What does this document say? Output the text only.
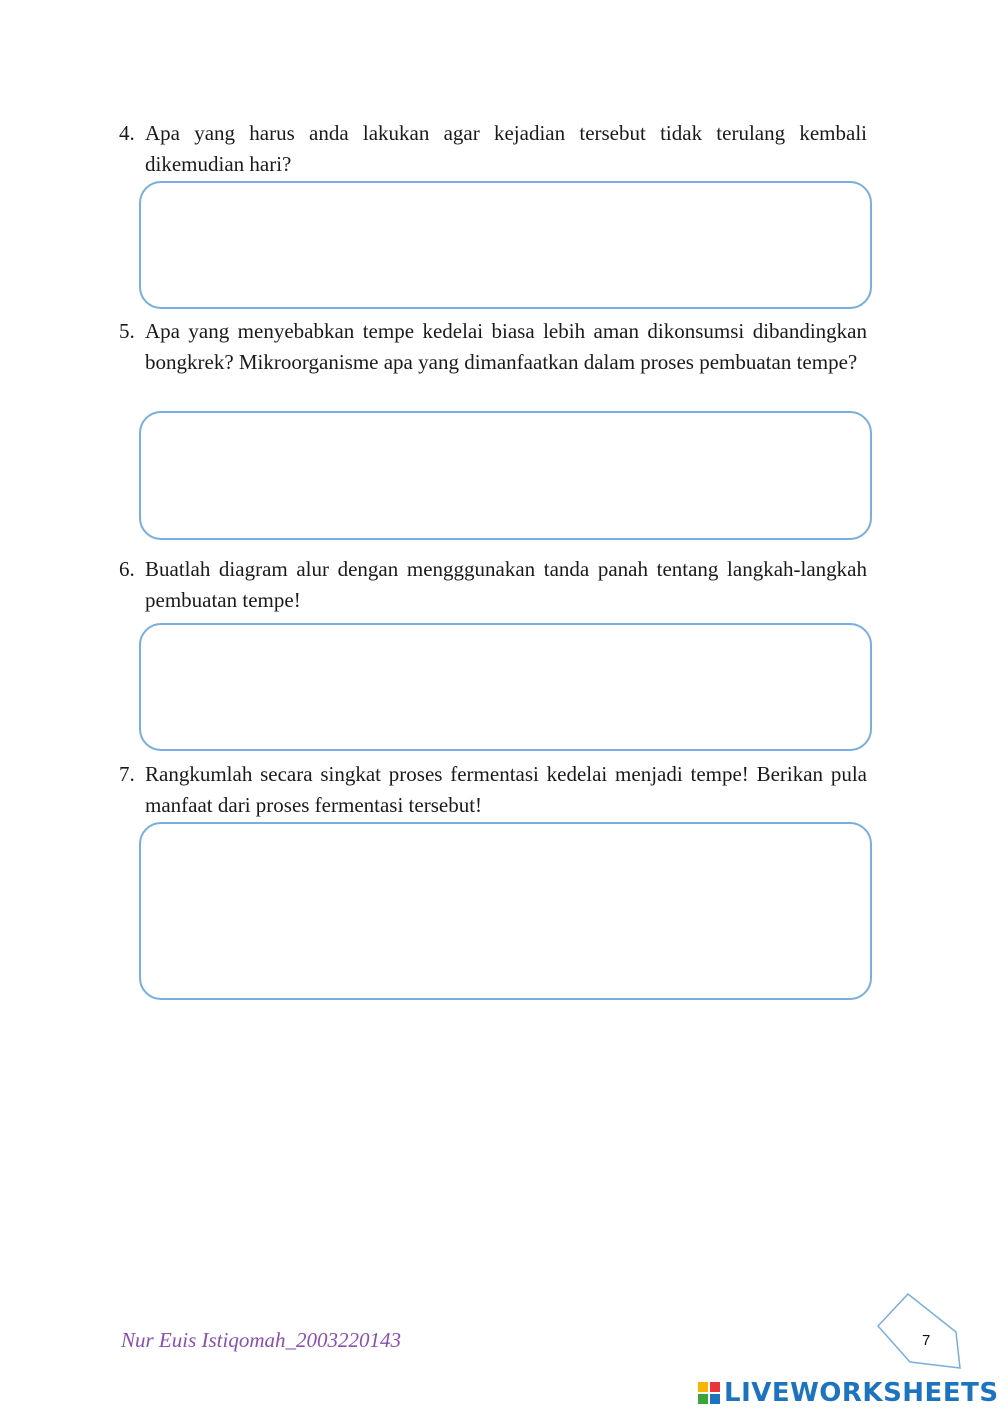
4. Apa yang harus anda lakukan agar kejadian tersebut tidak terulang kembali dikemudian hari?
5. Apa yang menyebabkan tempe kedelai biasa lebih aman dikonsumsi dibandingkan bongkrek? Mikroorganisme apa yang dimanfaatkan dalam proses pembuatan tempe?
6. Buatlah diagram alur dengan mengggunakan tanda panah tentang langkah-langkah pembuatan tempe!
7. Rangkumlah secara singkat proses fermentasi kedelai menjadi tempe! Berikan pula manfaat dari proses fermentasi tersebut!
Nur Euis Istiqomah_2003220143	7
LIVEWORKSHEETS
